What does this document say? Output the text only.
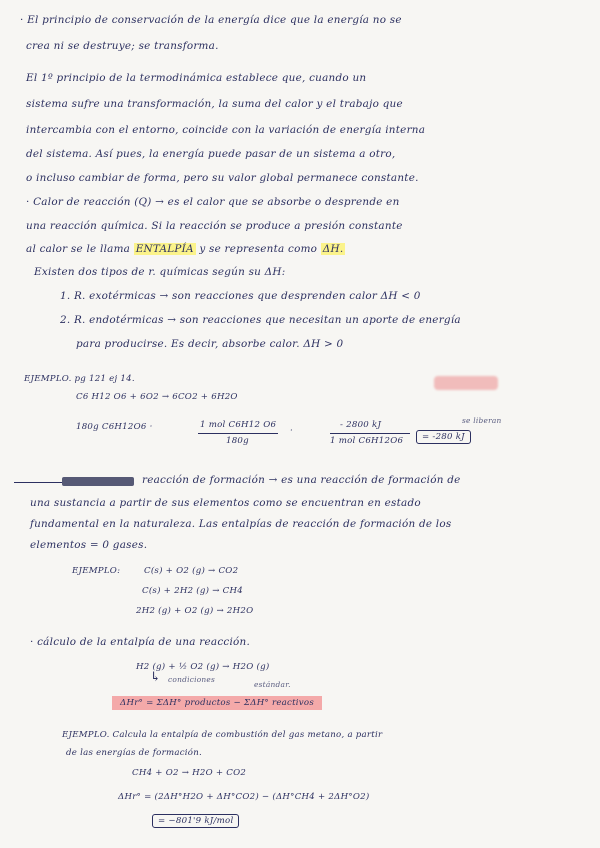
· El principio de conservación de la energía dice que la energía no se
crea ni se destruye; se transforma.
El 1º principio de la termodinámica establece que, cuando un
sistema sufre una transformación, la suma del calor y el trabajo que
intercambia con el entorno, coincide con la variación de energía interna
del sistema. Así pues, la energía puede pasar de un sistema a otro,
o incluso cambiar de forma, pero su valor global permanece constante.
· Calor de reacción (Q) → es el calor que se absorbe o desprende en
una reacción química. Si la reacción se produce a presión constante
al calor se le llama ENTALPÍA y se representa como ΔH.
Existen dos tipos de r. químicas según su ΔH:
1. R. exotérmicas → son reacciones que desprenden calor ΔH < 0
2. R. endotérmicas → son reacciones que necesitan un aporte de energía
para producirse. Es decir, absorbe calor. ΔH > 0
EJEMPLO. pg 121 ej 14.
C6 H12 O6 + 6O2 → 6CO2 + 6H2O
180g C6H12O6 ·	1 mol C6H12 O6
180g
·
- 2800 kJ
1 mol C6H12O6
se liberan
= -280 kJ
reacción de formación → es una reacción de formación de
una sustancia a partir de sus elementos como se encuentran en estado
fundamental en la naturaleza. Las entalpías de reacción de formación de los
elementos = 0 gases.
EJEMPLO:	C(s) + O2 (g) → CO2
C(s) + 2H2 (g) → CH4
2H2 (g) + O2 (g) → 2H2O
· cálculo de la entalpía de una reacción.
H2 (g) + ½ O2 (g) → H2O (g)
condiciones
estándar.
↳
ΔHr° = ΣΔH° productos − ΣΔH° reactivos
EJEMPLO. Calcula la entalpía de combustión del gas metano, a partir
de las energías de formación.
CH4 + O2 → H2O + CO2
ΔHr° = (2ΔH°H2O + ΔH°CO2) − (ΔH°CH4 + 2ΔH°O2)
= −801'9 kJ/mol
